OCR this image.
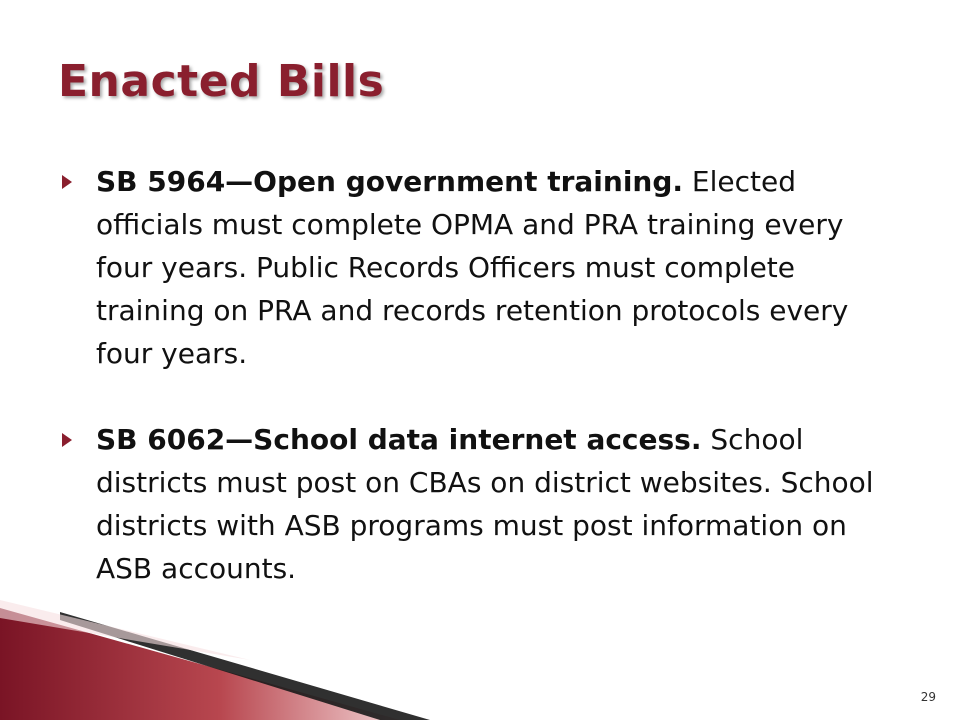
Enacted Bills
SB 5964—Open government training. Elected officials must complete OPMA and PRA training every four years. Public Records Officers must complete training on PRA and records retention protocols every four years.
SB 6062—School data internet access. School districts must post on CBAs on district websites. School districts with ASB programs must post information on ASB accounts.
29
